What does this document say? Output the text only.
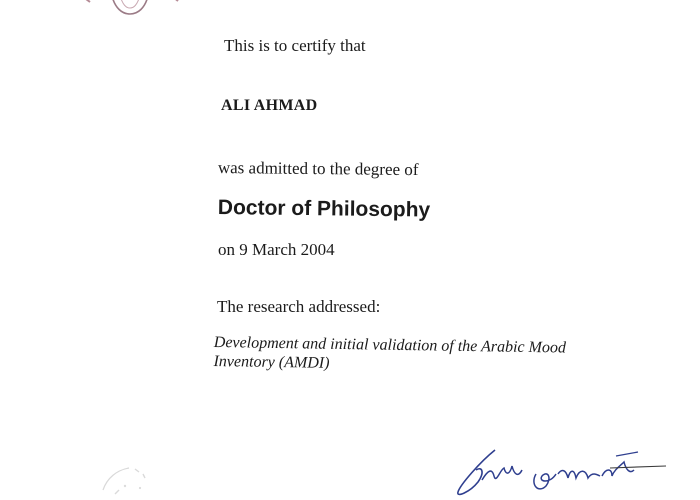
This is to certify that
ALI AHMAD
was admitted to the degree of
Doctor of Philosophy
on 9 March 2004
The research addressed:
Development and initial validation of the Arabic Mood
Inventory (AMDI)
